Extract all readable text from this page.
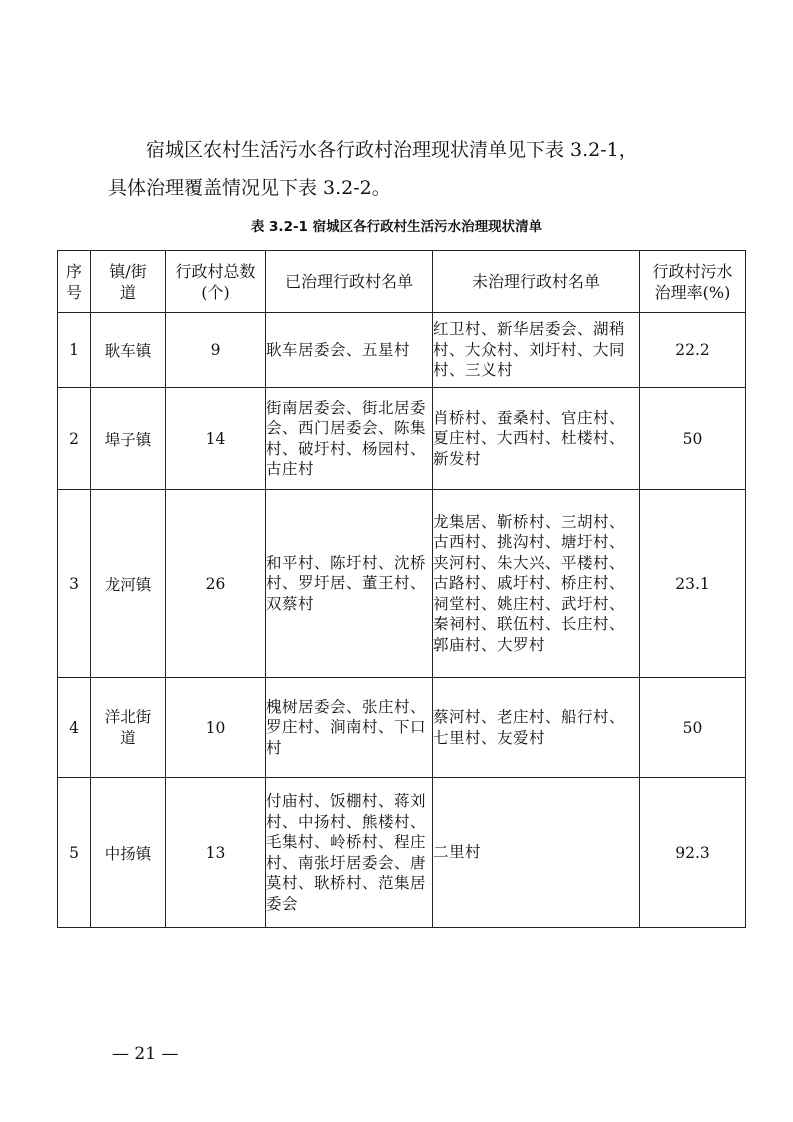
宿城区农村生活污水各行政村治理现状清单见下表 3.2-1，
具体治理覆盖情况见下表 3.2-2。
表 3.2-1 宿城区各行政村生活污水治理现状清单
序号	镇/街道	行政村总数(个)	已治理行政村名单	未治理行政村名单	行政村污水治理率(%)

1	耿车镇	9	耿车居委会、五星村	红卫村、新华居委会、湖稍村、大众村、刘圩村、大同村、三义村	22.2
2	埠子镇	14	街南居委会、街北居委会、西门居委会、陈集村、破圩村、杨园村、古庄村	肖桥村、蚕桑村、官庄村、夏庄村、大西村、杜楼村、新发村	50
3	龙河镇	26	和平村、陈圩村、沈桥村、罗圩居、董王村、双蔡村	龙集居、靳桥村、三胡村、古西村、挑沟村、塘圩村、夹河村、朱大兴、平楼村、古路村、戚圩村、桥庄村、祠堂村、姚庄村、武圩村、秦祠村、联伍村、长庄村、郭庙村、大罗村	23.1
4	洋北街道	10	槐树居委会、张庄村、罗庄村、涧南村、下口村	蔡河村、老庄村、船行村、七里村、友爱村	50
5	中扬镇	13	付庙村、饭棚村、蒋刘村、中扬村、熊楼村、毛集村、岭桥村、程庄村、南张圩居委会、唐莫村、耿桥村、范集居委会	二里村	92.3
— 21 —
